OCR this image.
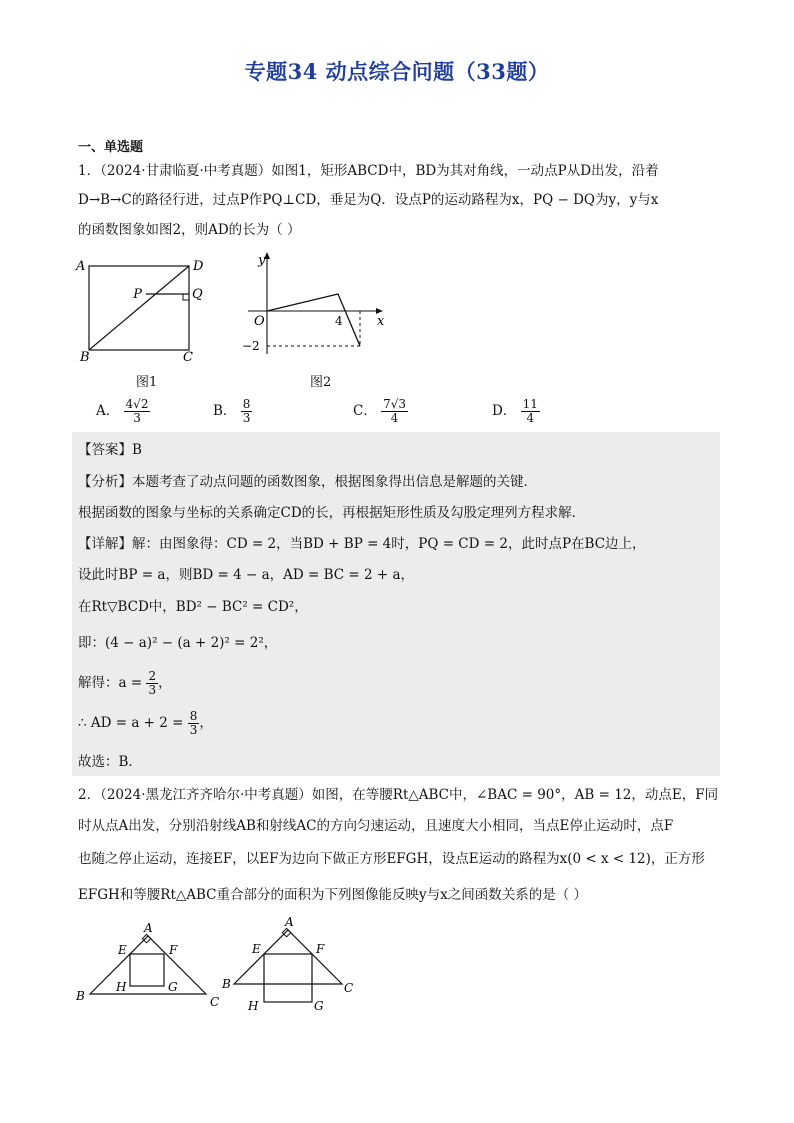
专题34 动点综合问题（33题）
一、单选题
1．（2024·甘肃临夏·中考真题）如图1，矩形ABCD中，BD为其对角线，一动点P从D出发，沿着
D→B→C的路径行进，过点P作PQ⊥CD，垂足为Q．设点P的运动路程为x，PQ − DQ为y，y与x
的函数图象如图2，则AD的长为（ ）
A	D
P	Q
B	C
图1
y
O	4	x
−2
图2
A． $\frac{4√2}{3}$	B． $\frac{8}{3}$	C． $\frac{7√3}{4}$	D． $\frac{11}{4}$
【答案】B
【分析】本题考查了动点问题的函数图象，根据图象得出信息是解题的关键．
根据函数的图象与坐标的关系确定CD的长，再根据矩形性质及勾股定理列方程求解．
【详解】解：由图象得：CD = 2，当BD + BP = 4时，PQ = CD = 2，此时点P在BC边上，
设此时BP = a，则BD = 4 − a，AD = BC = 2 + a，
在Rt▽BCD中，BD² − BC² = CD²，
即：(4 − a)² − (a + 2)² = 2²，
解得：$a = \frac{2}{3}$ ，
∴ AD = $a + 2 = \frac{8}{3}$ ，
故选：B．
2．（2024·黑龙江齐齐哈尔·中考真题）如图，在等腰Rt△ABC中，∠BAC = 90°，AB = 12，动点E，F同
时从点A出发，分别沿射线AB和射线AC的方向匀速运动，且速度大小相同，当点E停止运动时，点F
也随之停止运动，连接EF，以EF为边向下做正方形EFGH，设点E运动的路程为x(0 < x < 12)，正方形
EFGH和等腰Rt△ABC重合部分的面积为下列图像能反映y与x之间函数关系的是（ ）
A
E	F
H	G
B	C
A
E	F
H	G
B	C
